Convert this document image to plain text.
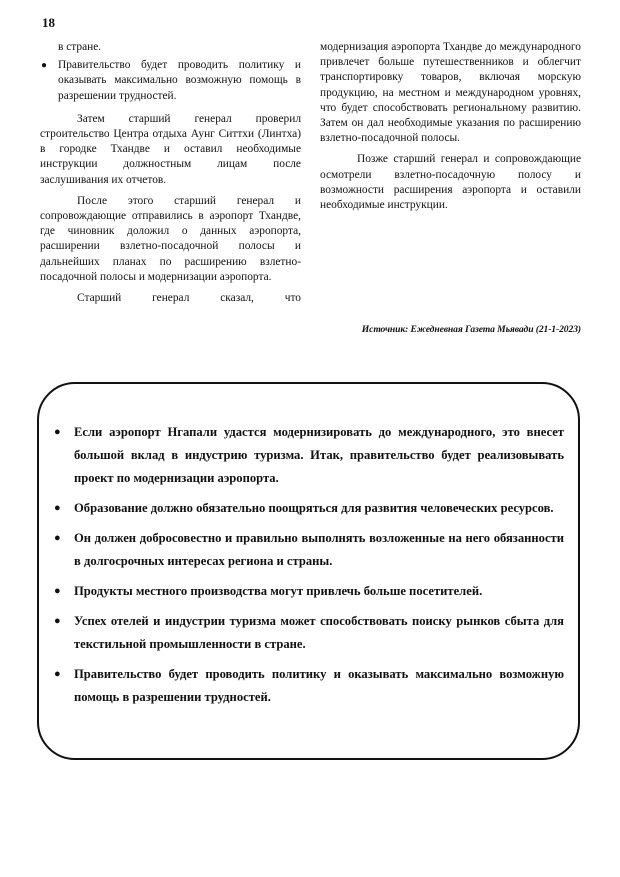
18

в стране.

● Правительство будет проводить политику и оказывать максимально возможную помощь в разрешении трудностей.

Затем старший генерал проверил строительство Центра отдыха Аунг Ситтхи (Линтха) в городке Тхандве и оставил необходимые инструкции должностным лицам после заслушивания их отчетов.

После этого старший генерал и сопровождающие отправились в аэропорт Тхандве, где чиновник доложил о данных аэропорта, расширении взлетно-посадочной полосы и дальнейших планах по расширению взлетно-посадочной полосы и модернизации аэропорта.

Старший генерал сказал, что

модернизация аэропорта Тхандве до международного привлечет больше путешественников и облегчит транспортировку товаров, включая морскую продукцию, на местном и международном уровнях, что будет способствовать региональному развитию. Затем он дал необходимые указания по расширению взлетно-посадочной полосы.

Позже старший генерал и сопровождающие осмотрели взлетно-посадочную полосу и возможности расширения аэропорта и оставили необходимые инструкции.

Источник: Ежедневная Газета Мьявади (21-1-2023)
● Если аэропорт Нгапали удастся модернизировать до международного, это внесет большой вклад в индустрию туризма. Итак, правительство будет реализовывать проект по модернизации аэропорта.
● Образование должно обязательно поощряться для развития человеческих ресурсов.
● Он должен добросовестно и правильно выполнять возложенные на него обязанности в долгосрочных интересах региона и страны.
● Продукты местного производства могут привлечь больше посетителей.
● Успех отелей и индустрии туризма может способствовать поиску рынков сбыта для текстильной промышленности в стране.
● Правительство будет проводить политику и оказывать максимально возможную помощь в разрешении трудностей.
